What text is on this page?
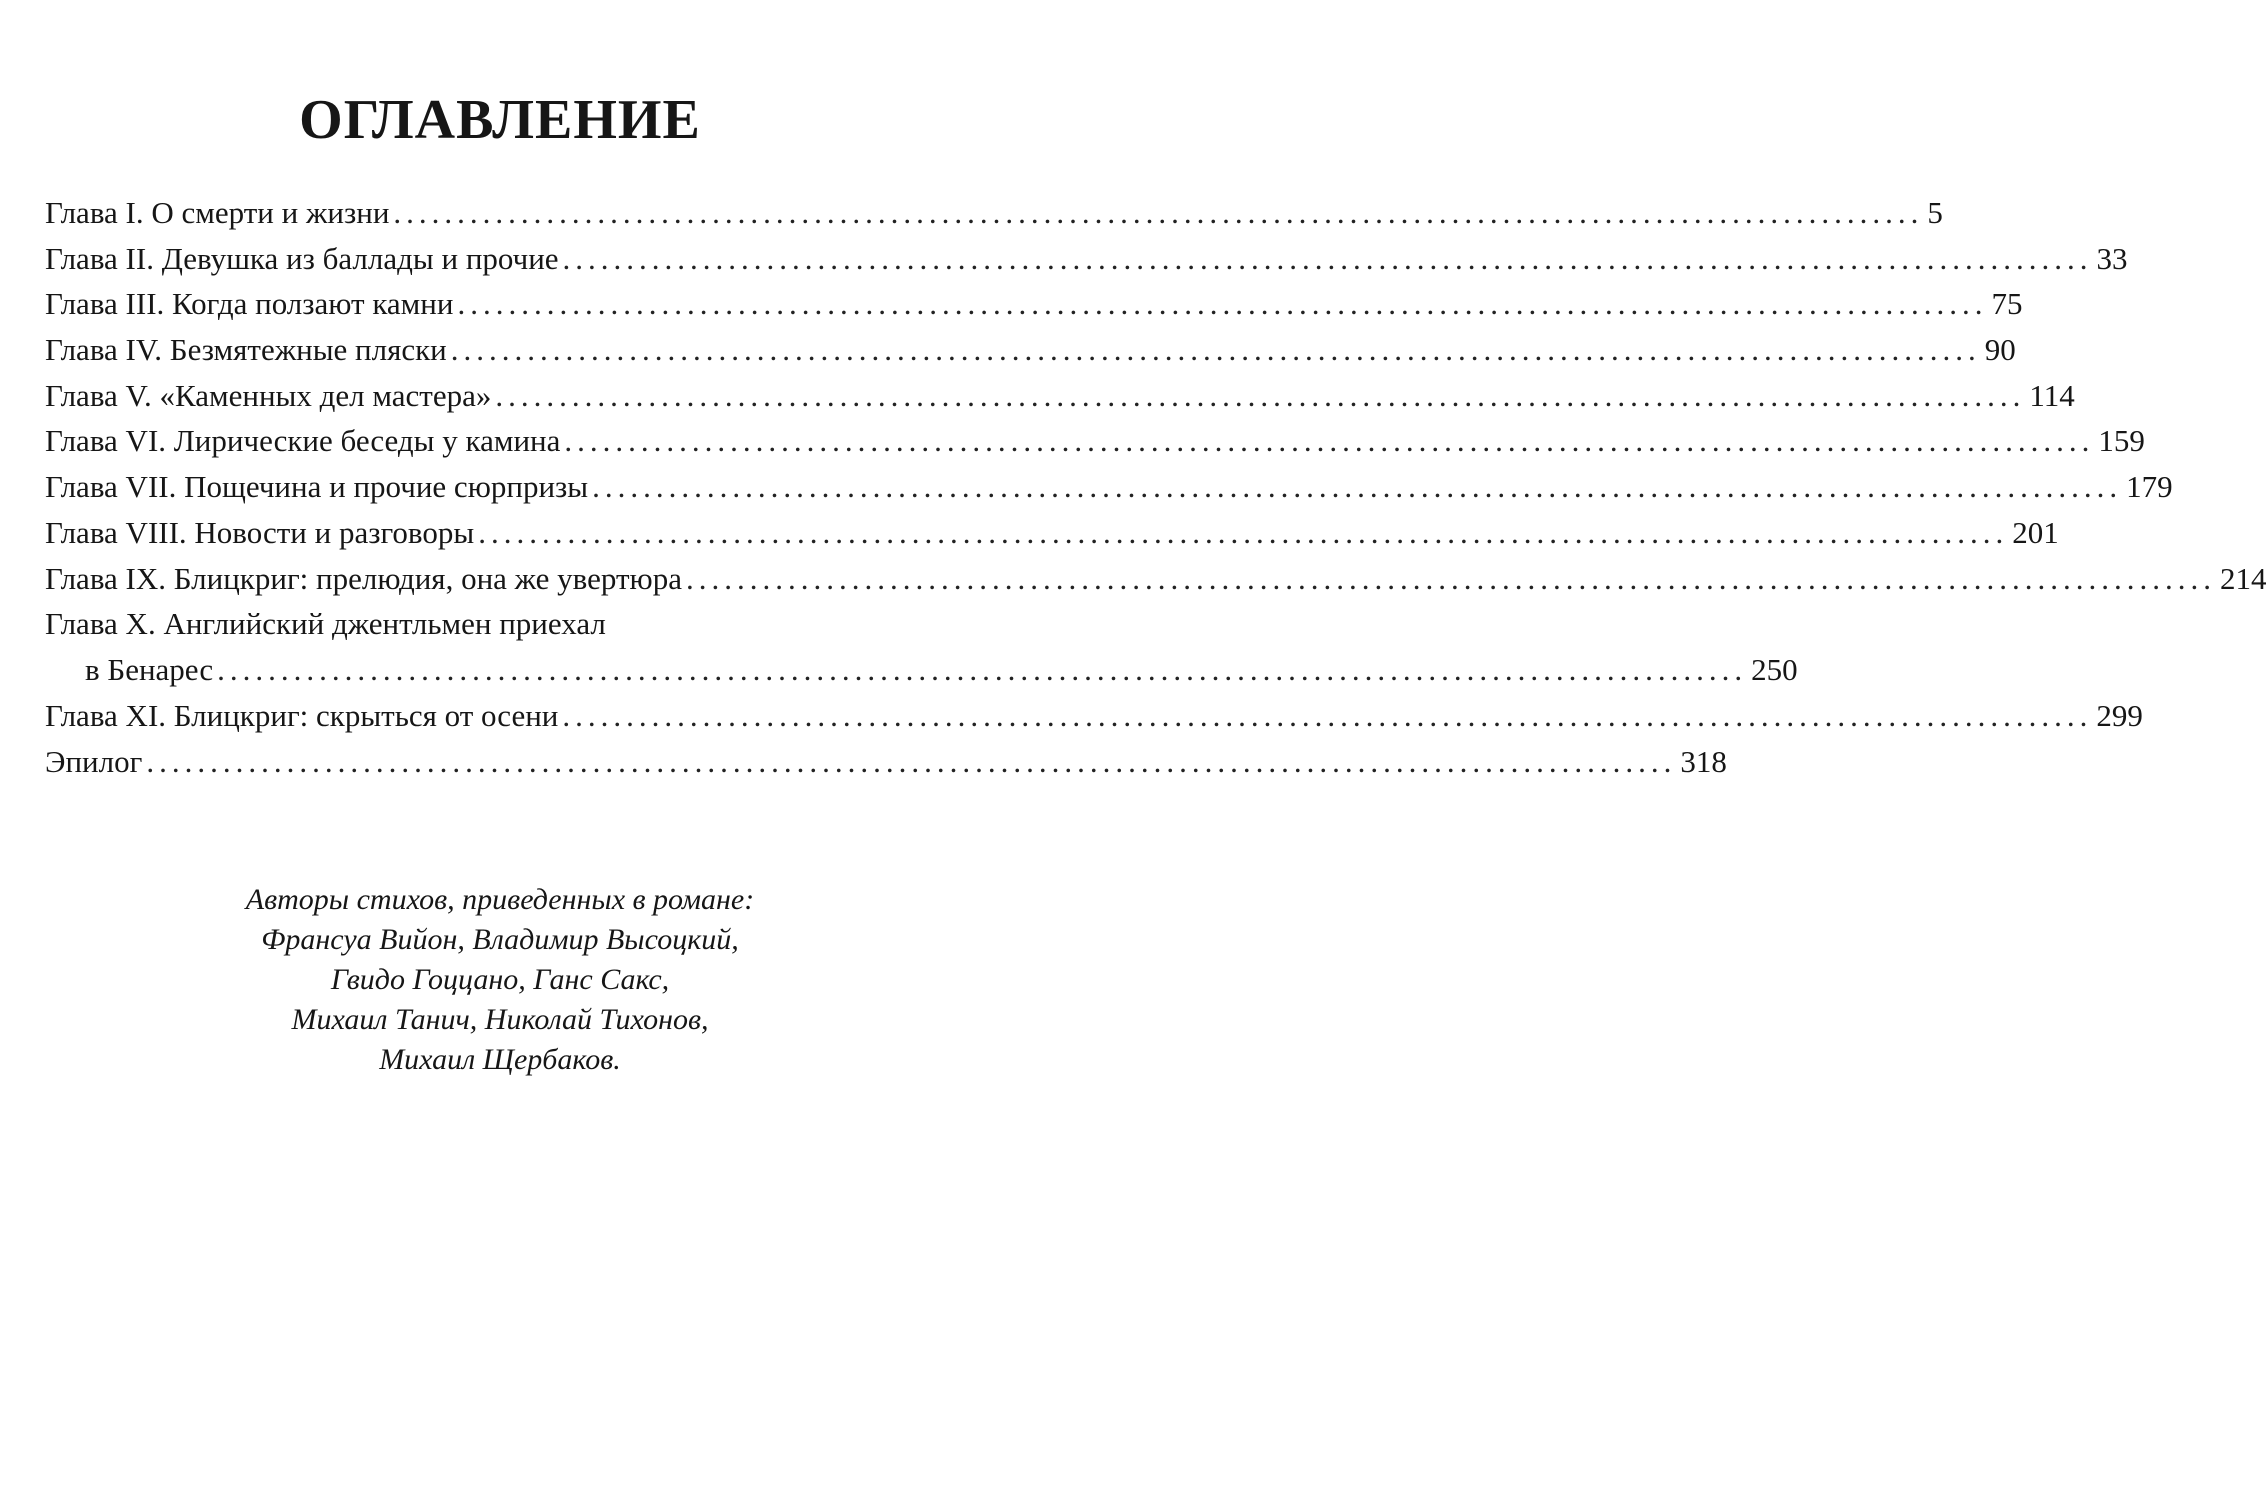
ОГЛАВЛЕНИЕ
Глава I. О смерти и жизни ........................................................................................................................ 5
Глава II. Девушка из баллады и прочие ........................................................................................................................ 33
Глава III. Когда ползают камни ........................................................................................................................ 75
Глава IV. Безмятежные пляски ........................................................................................................................ 90
Глава V. «Каменных дел мастера» ........................................................................................................................ 114
Глава VI. Лирические беседы у камина ........................................................................................................................ 159
Глава VII. Пощечина и прочие сюрпризы ........................................................................................................................ 179
Глава VIII. Новости и разговоры ........................................................................................................................ 201
Глава IX. Блицкриг: прелюдия, она же увертюра ........................................................................................................................ 214
Глава X. Английский джентльмен приехал
в Бенарес ........................................................................................................................ 250
Глава XI. Блицкриг: скрыться от осени ........................................................................................................................ 299
Эпилог ........................................................................................................................ 318
Авторы стихов, приведенных в романе:
Франсуа Вийон, Владимир Высоцкий,
Гвидо Гоццано, Ганс Сакс,
Михаил Танич, Николай Тихонов,
Михаил Щербаков.
